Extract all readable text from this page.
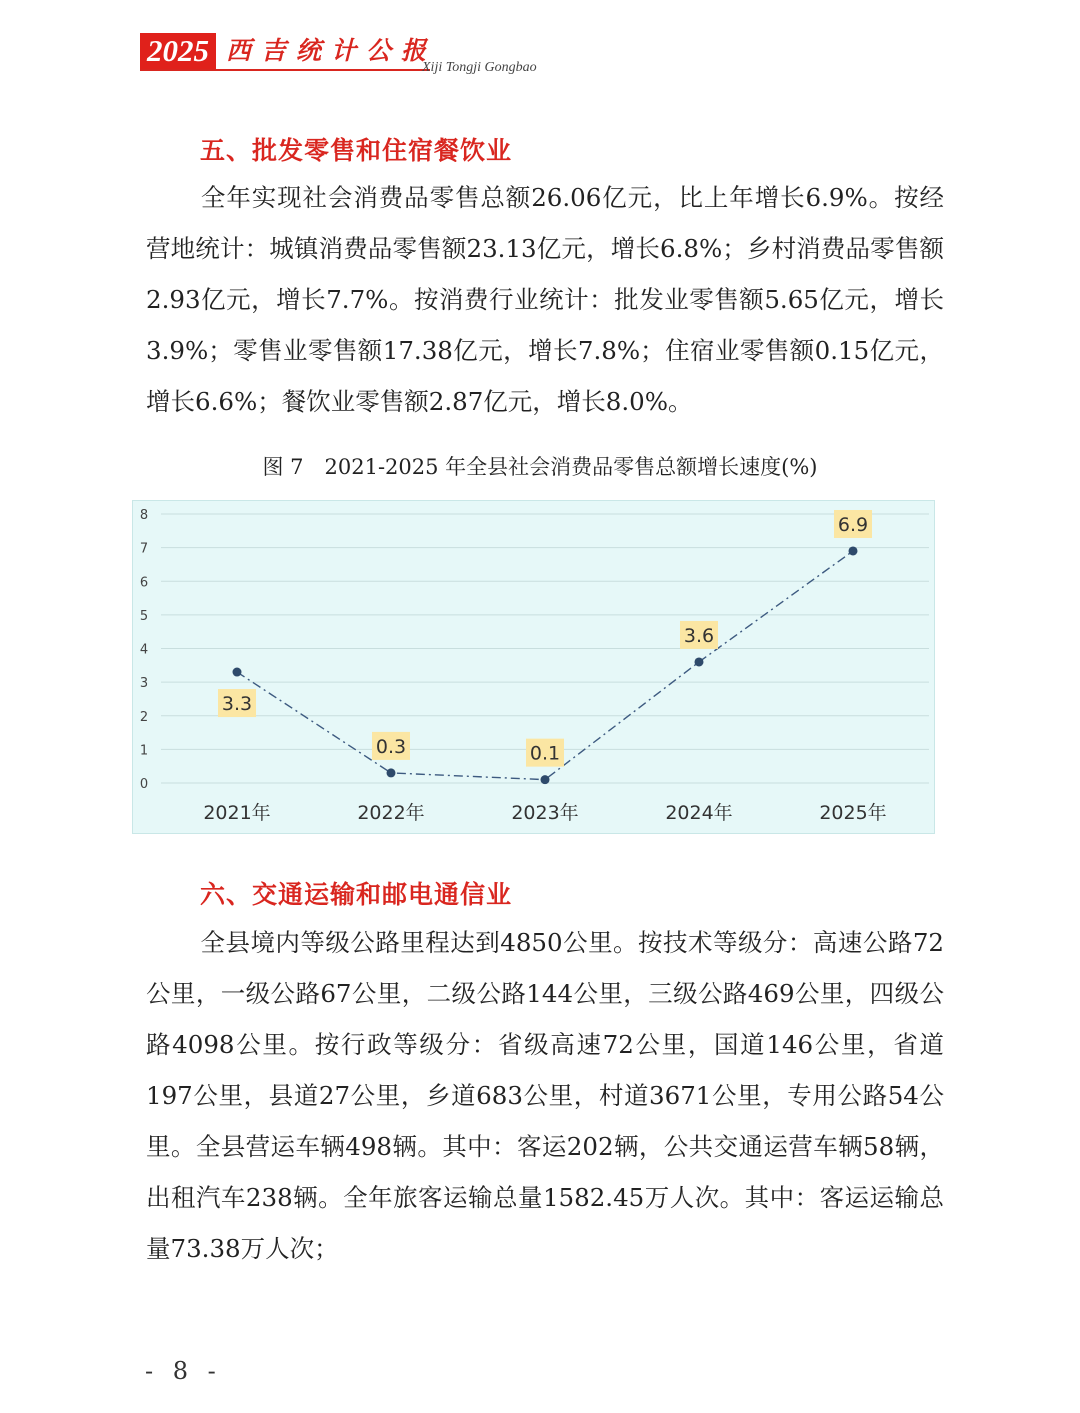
2025 西吉统计公报
Xiji Tongji Gongbao
五、批发零售和住宿餐饮业

全年实现社会消费品零售总额26.06亿元，比上年增长6.9%。按经营地统计：城镇消费品零售额23.13亿元，增长6.8%；乡村消费品零售额2.93亿元，增长7.7%。按消费行业统计：批发业零售额5.65亿元，增长3.9%；零售业零售额17.38亿元，增长7.8%；住宿业零售额0.15亿元，增长6.6%；餐饮业零售额2.87亿元，增长8.0%。

图 7　2021-2025 年全县社会消费品零售总额增长速度(%)
0
1
2
3
4
5
6
7
8
2021年	2022年	2023年	2024年	2025年
3.3
0.3	0.1
3.6
6.9
六、交通运输和邮电通信业

全县境内等级公路里程达到4850公里。按技术等级分：高速公路72公里，一级公路67公里，二级公路144公里，三级公路469公里，四级公路4098公里。按行政等级分：省级高速72公里，国道146公里，省道197公里，县道27公里，乡道683公里，村道3671公里，专用公路54公里。全县营运车辆498辆。其中：客运202辆，公共交通运营车辆58辆，出租汽车238辆。全年旅客运输总量1582.45万人次。其中：客运运输总量73.38万人次；

- 8 -
